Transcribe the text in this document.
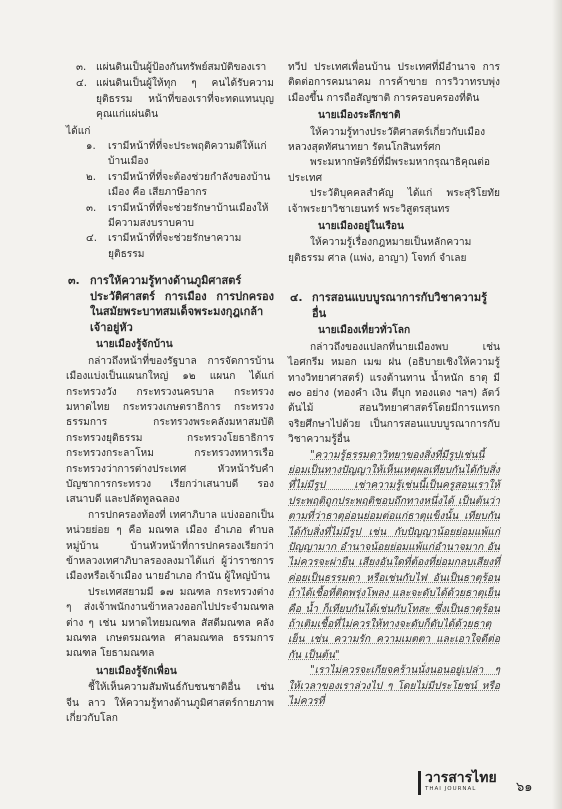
๓. แผ่นดินเป็นผู้ป้องกันทรัพย์สมบัติของเรา

๔. แผ่นดินเป็นผู้ให้ทุก ๆ คนได้รับความยุติธรรม หน้าที่ของเราที่จะทดแทนบุญคุณแก่แผ่นดิน

ได้แก่

๑. เรามีหน้าที่ที่จะประพฤติความดีให้แก่บ้านเมือง

๒. เรามีหน้าที่ที่จะต้องช่วยกำลังของบ้านเมือง คือ เสียภาษีอากร

๓. เรามีหน้าที่ที่จะช่วยรักษาบ้านเมืองให้มีความสงบราบคาบ

๔. เรามีหน้าที่ที่จะช่วยรักษาความยุติธรรม

๓. การให้ความรู้ทางด้านภูมิศาสตร์ ประวัติศาสตร์ การเมือง การปกครอง ในสมัยพระบาทสมเด็จพระมงกุฎเกล้าเจ้าอยู่หัว

นายเมืองรู้จักบ้าน

กล่าวถึงหน้าที่ของรัฐบาล การจัดการบ้านเมืองแบ่งเป็นแผนกใหญ่ ๑๒ แผนก ได้แก่ กระทรวงวัง กระทรวงนครบาล กระทรวงมหาดไทย กระทรวงเกษตราธิการ กระทรวงธรรมการ กระทรวงพระคลังมหาสมบัติ กระทรวงยุติธรรม กระทรวงโยธาธิการ กระทรวงกระลาโหม กระทรวงทหารเรือ กระทรวงว่าการต่างประเทศ หัวหน้ารับคำบัญชาการกระทรวง เรียกว่าเสนาบดี รองเสนาบดี และปลัดทูลฉลอง

การปกครองท้องที่ เทศาภิบาล แบ่งออกเป็นหน่วยย่อย ๆ คือ มณฑล เมือง อำเภอ ตำบล หมู่บ้าน บ้านหัวหน้าที่การปกครองเรียกว่าข้าหลวงเทศาภิบาลรองลงมาได้แก่ ผู้ว่าราชการเมืองหรือเจ้าเมือง นายอำเภอ กำนัน ผู้ใหญ่บ้าน

ประเทศสยามมี ๑๗ มณฑล กระทรวงต่าง ๆ ส่งเจ้าพนักงานข้าหลวงออกไปประจำมณฑลต่าง ๆ เช่น มหาดไทยมณฑล สัสดีมณฑล คลังมณฑล เกษตรมณฑล ศาลมณฑล ธรรมการมณฑล โยธามณฑล

นายเมืองรู้จักเพื่อน

ชี้ให้เห็นความสัมพันธ์กับชนชาติอื่น เช่น จีน ลาว ให้ความรู้ทางด้านภูมิศาสตร์กายภาพเกี่ยวกับโลก

ทวีป ประเทศเพื่อนบ้าน ประเทศที่มีอำนาจ การติดต่อการคมนาคม การค้าขาย การวิวาทรบพุ่ง เมืองขึ้น การถือสัญชาติ การครอบครองที่ดิน

นายเมืองระลึกชาติ

ให้ความรู้ทางประวัติศาสตร์เกี่ยวกับเมืองหลวงสุดทัศนาทยา รัตนโกสินทร์ศก

พระมหากษัตริย์ที่มีพระมหากรุณาธิคุณต่อประเทศ

ประวัติบุคคลสำคัญ ได้แก่ พระสุริโยทัย เจ้าพระยาวิชาเยนทร์ พระวิสูตรสุนทร

นายเมืองอยู่ในเรือน

ให้ความรู้เรื่องกฎหมายเป็นหลักความยุติธรรม ศาล (แพ่ง, อาญา) โจทก์ จำเลย

๔. การสอนแบบบูรณาการกับวิชาความรู้อื่น

นายเมืองเที่ยวทั่วโลก

กล่าวถึงของแปลกที่นายเมืองพบ เช่น ไอศกรีม หมอก เมฆ ฝน (อธิบายเชิงให้ความรู้ทางวิทยาศาสตร์) แรงต้านทาน น้ำหนัก ธาตุ มี ๗๐ อย่าง (ทองคำ เงิน ตีบุก ทองแดง ฯลฯ) ลัตว์ ต้นไม้ สอนวิทยาศาสตร์โดยมีการแทรกจริยศึกษาไปด้วย เป็นการสอนแบบบูรณาการกับวิชาความรู้อื่น

"ความรู้ธรรมดาวิทยาของสิ่งที่มีรูปเช่นนี้ย่อมเป็นทางปัญญาให้เห็นเหตุผลเทียบกันได้กับสิ่งที่ไม่มีรูป เช่าความรู้เช่นนี้เป็นครูสอนเราให้ประพฤติถูกประพฤติชอบถึกทางหนึ่งได้ เป็นต้นว่า ตามที่ว่าธาตุอ่อนย่อมต่อแก่ธาตุแข็งนั้น เทียบกันได้กับสิ่งที่ไม่มีรูป เช่น กับปัญญาน้อยย่อมแพ้แก่ปัญญามาก อำนาจน้อยย่อมแพ้แก่อำนาจมาก อันไม่ควรจะผ่ายืน เสียงอันใดที่ต้องที่ย่อมกลบเสียงที่ค่อยเป็นธรรมดา หรือเช่นกับไฟ อันเป็นธาตุร้อน ถ้าได้เชื้อที่ติดพรุ่งโพลง และจะดับได้ด้วยธาตุเย็น คือ น้ำ ก็เทียบกันได้เช่นกับโทสะ ซึ่งเป็นธาตุร้อน ถ้าเติมเชื้อที่ไม่ควรให้ทางจะดับก็ดับได้ด้วยธาตุเย็น เช่น ความรัก ความเมตตา และเอาใจดีต่อกัน เป็นต้น"

"เราไม่ควรจะเกียจคร้านนั่งนอนอยู่เปล่า ๆ ให้เวลาของเราล่วงไป ๆ โดยไม่มีประโยชน์ หรือไม่ควรที่

วารสารไทย
THAI JOURNAL	๖๑
